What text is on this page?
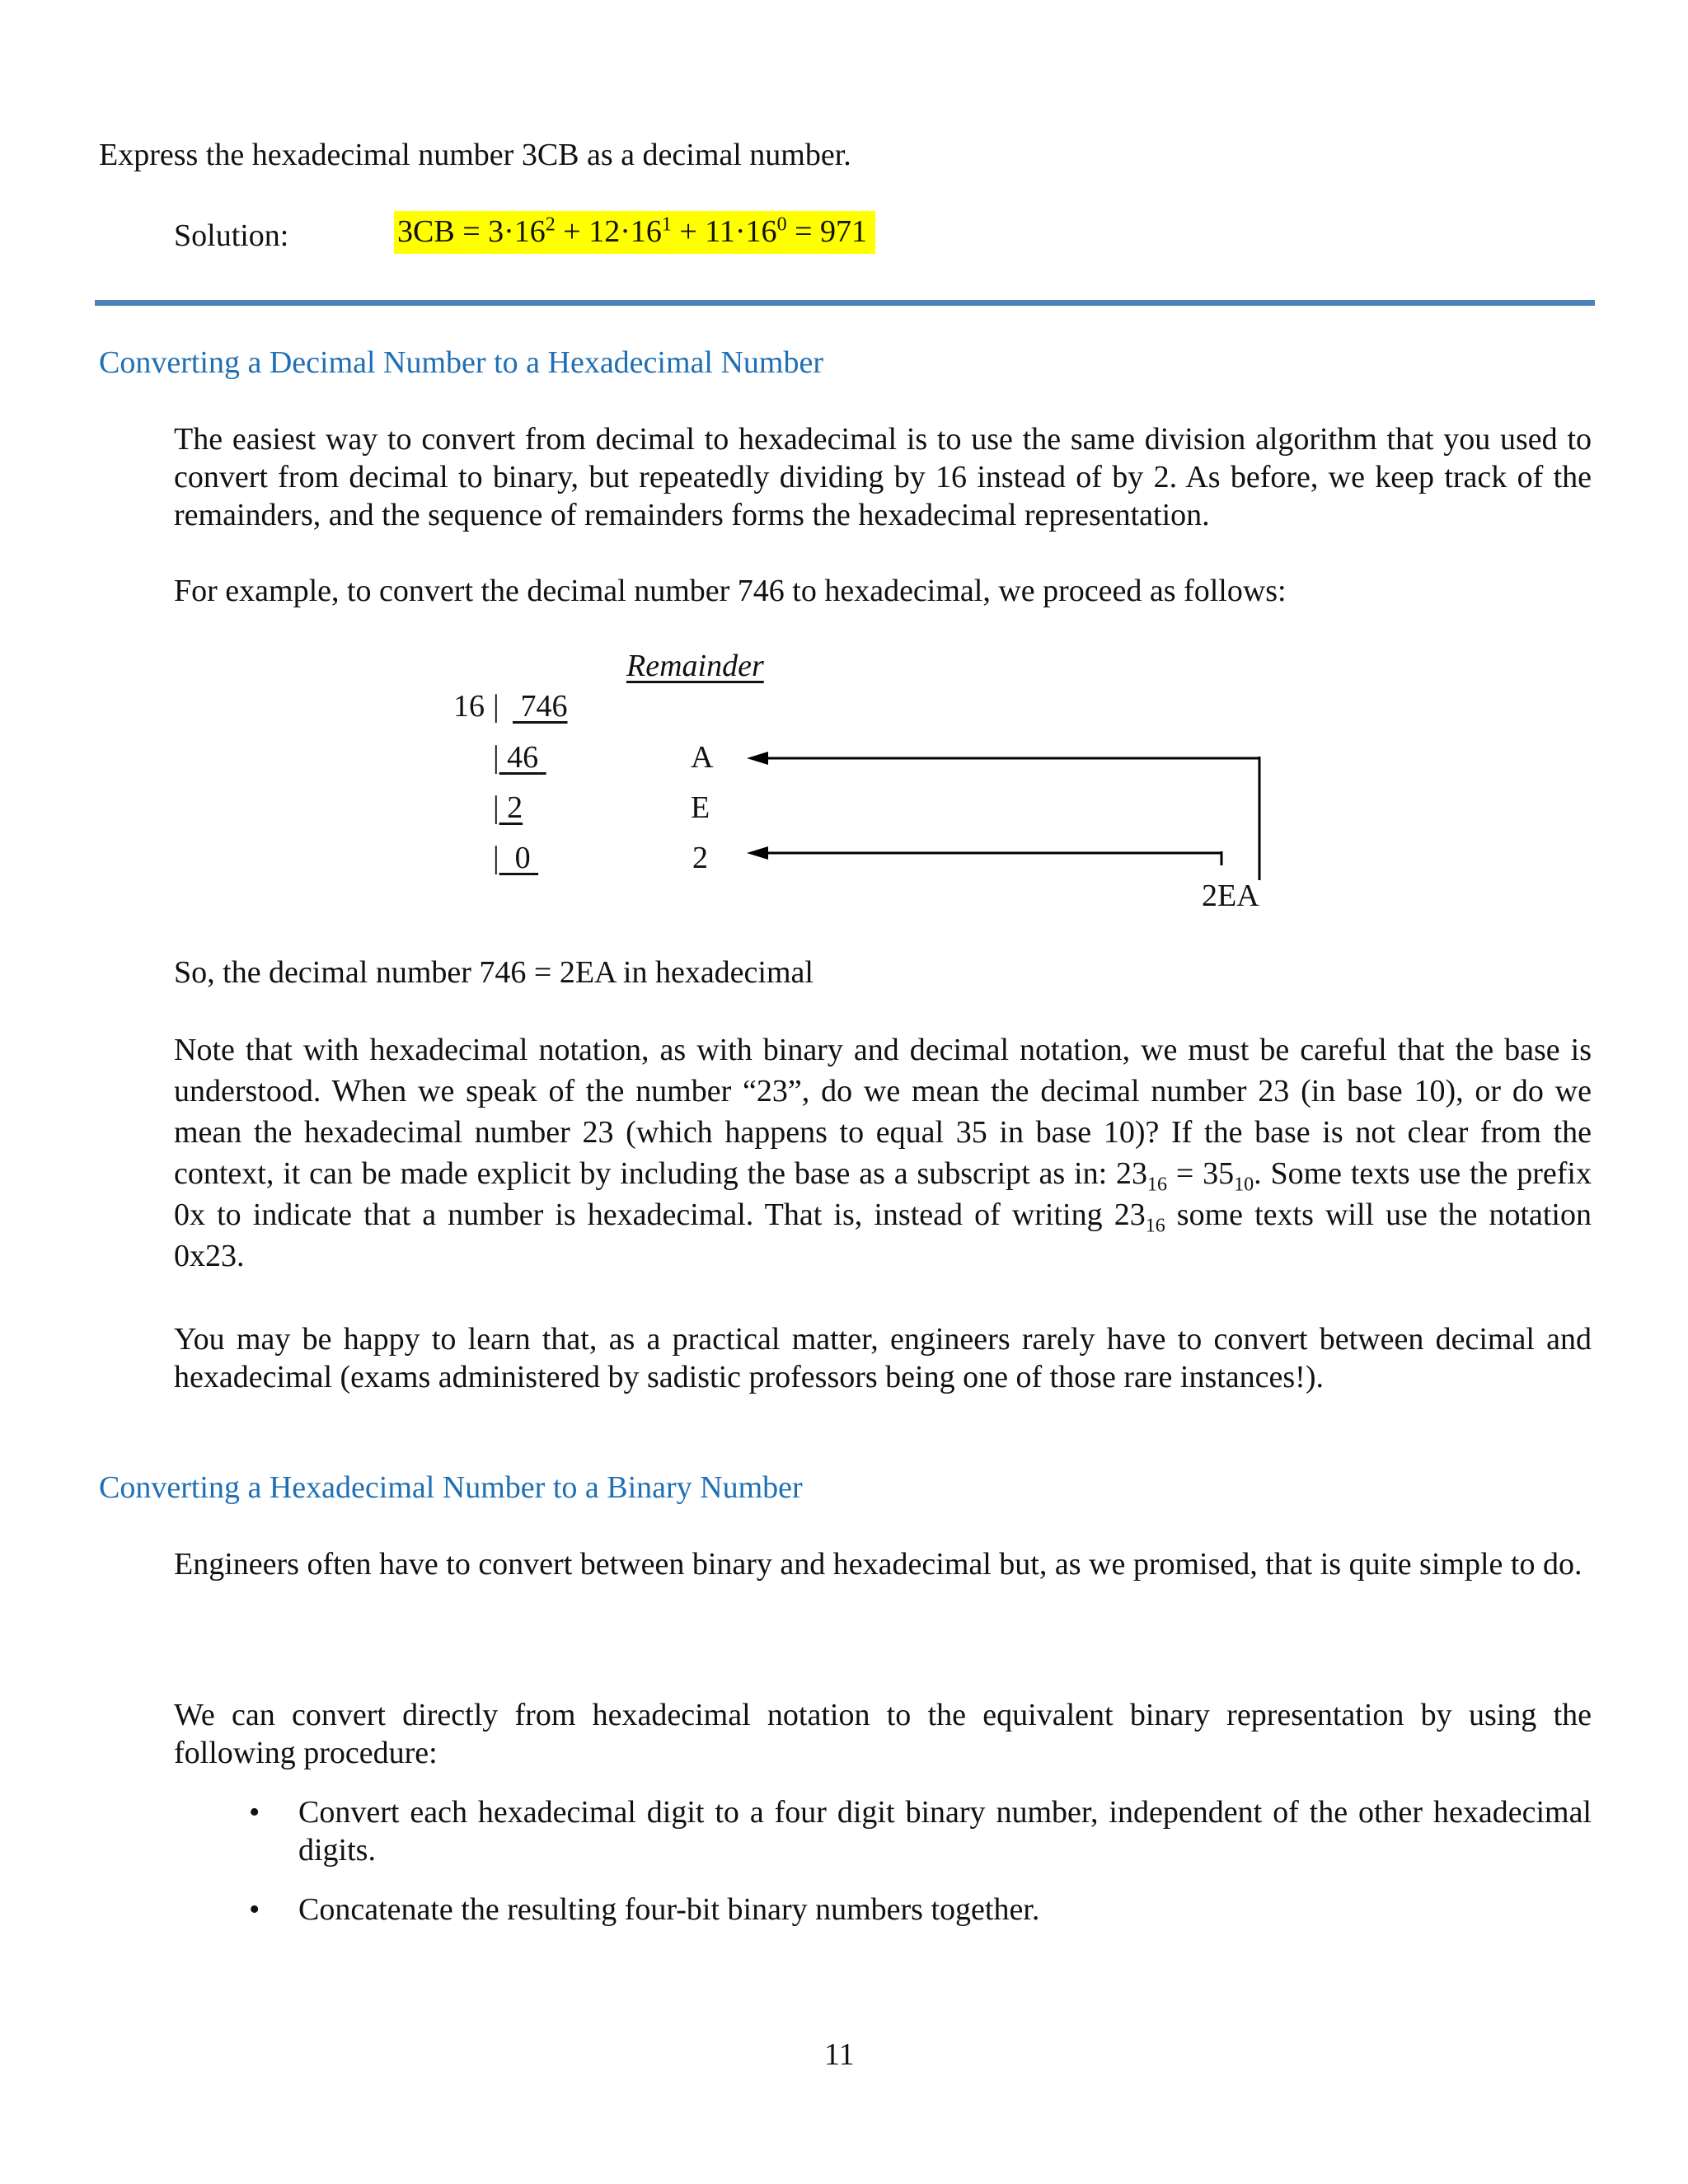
Express the hexadecimal number 3CB as a decimal number.
Solution:	$3CB = 3\cdot 16^2 + 12\cdot 16^1 + 11\cdot 16^0 = 971$
Converting a Decimal Number to a Hexadecimal Number
The easiest way to convert from decimal to hexadecimal is to use the same division algorithm that you used to convert from decimal to binary, but repeatedly dividing by 16 instead of by 2. As before, we keep track of the remainders, and the sequence of remainders forms the hexadecimal representation.
For example, to convert the decimal number 746 to hexadecimal, we proceed as follows:
Remainder
16 | 746
| 46
| 2
| 0
A
E
2
2EA
So, the decimal number 746 = 2EA in hexadecimal
Note that with hexadecimal notation, as with binary and decimal notation, we must be careful that the base is understood. When we speak of the number “23”, do we mean the decimal number 23 (in base 10), or do we mean the hexadecimal number 23 (which happens to equal 35 in base 10)? If the base is not clear from the context, it can be made explicit by including the base as a subscript as in: $23_{16} = 35_{10}$. Some texts use the prefix 0x to indicate that a number is hexadecimal. That is, instead of writing $23_{16}$ some texts will use the notation 0x23.
You may be happy to learn that, as a practical matter, engineers rarely have to convert between decimal and hexadecimal (exams administered by sadistic professors being one of those rare instances!).
Converting a Hexadecimal Number to a Binary Number
Engineers often have to convert between binary and hexadecimal but, as we promised, that is quite simple to do.
We can convert directly from hexadecimal notation to the equivalent binary representation by using the following procedure:
• Convert each hexadecimal digit to a four digit binary number, independent of the other hexadecimal digits.
• Concatenate the resulting four-bit binary numbers together.
11
